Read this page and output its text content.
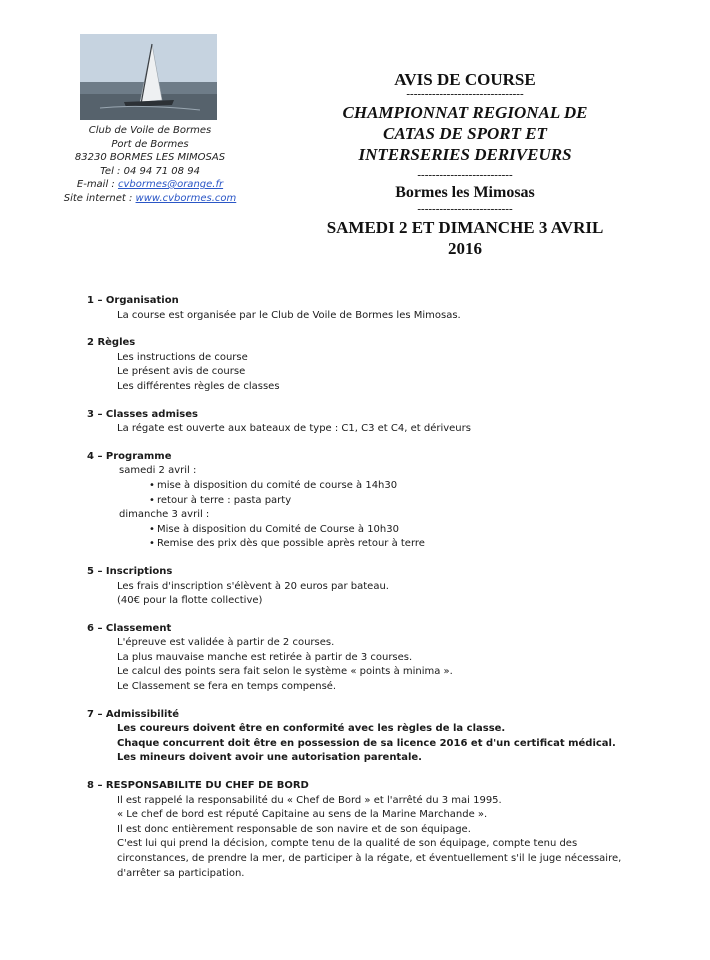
Club de Voile de Bormes
Port de Bormes
83230 BORMES LES MIMOSAS
Tel : 04 94 71 08 94
E-mail : cvbormes@orange.fr
Site internet : www.cvbormes.com
AVIS DE COURSE
--------------------------------
CHAMPIONNAT REGIONAL DE
CATAS DE SPORT ET
INTERSERIES DERIVEURS
--------------------------
Bormes les Mimosas
--------------------------
SAMEDI 2 ET DIMANCHE 3 AVRIL
2016
1 – Organisation
La course est organisée par le Club de Voile de Bormes les Mimosas.
2 Règles
Les instructions de course
Le présent avis de course
Les différentes règles de classes
3 – Classes admises
La régate est ouverte aux bateaux de type : C1, C3 et C4, et dériveurs
4 – Programme
samedi 2 avril :
• mise à disposition du comité de course à 14h30
• retour à terre : pasta party
dimanche 3 avril :
• Mise à disposition du Comité de Course à 10h30
• Remise des prix dès que possible après retour à terre
5 – Inscriptions
Les frais d'inscription s'élèvent à 20 euros par bateau.
(40€ pour la flotte collective)
6 – Classement
L'épreuve est validée à partir de 2 courses.
La plus mauvaise manche est retirée à partir de 3 courses.
Le calcul des points sera fait selon le système « points à minima ».
Le Classement se fera en temps compensé.
7 – Admissibilité
Les coureurs doivent être en conformité avec les règles de la classe.
Chaque concurrent doit être en possession de sa licence 2016 et d'un certificat médical.
Les mineurs doivent avoir une autorisation parentale.
8 – RESPONSABILITE DU CHEF DE BORD
Il est rappelé la responsabilité du « Chef de Bord » et l'arrêté du 3 mai 1995.
« Le chef de bord est réputé Capitaine au sens de la Marine Marchande ».
Il est donc entièrement responsable de son navire et de son équipage.
C'est lui qui prend la décision, compte tenu de la qualité de son équipage, compte tenu des
circonstances, de prendre la mer, de participer à la régate, et éventuellement s'il le juge nécessaire,
d'arrêter sa participation.
